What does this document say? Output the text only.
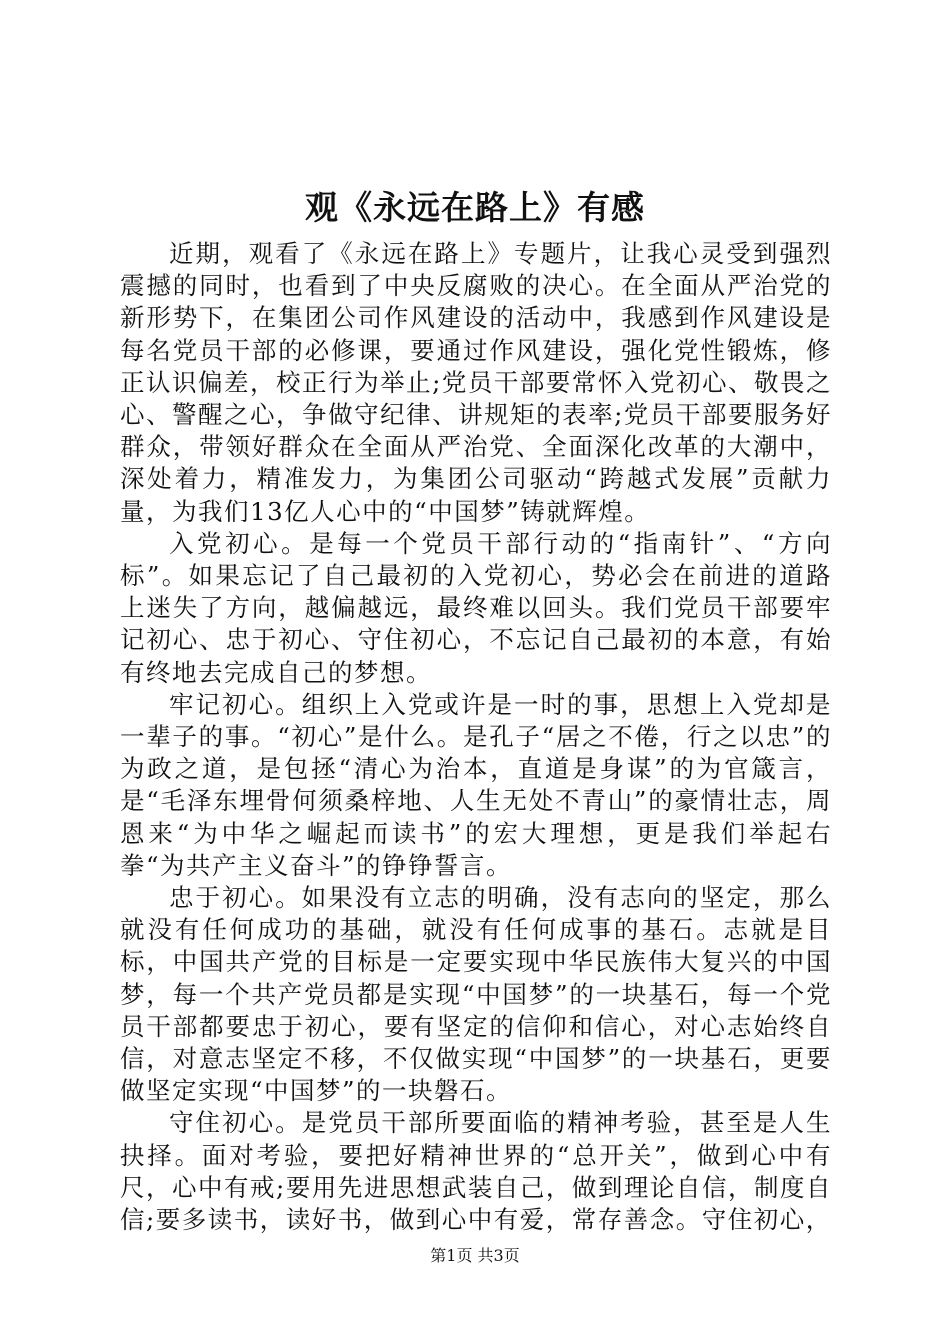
观《永远在路上》有感

近期，观看了《永远在路上》专题片，让我心灵受到强烈震撼的同时，也看到了中央反腐败的决心。在全面从严治党的新形势下，在集团公司作风建设的活动中，我感到作风建设是每名党员干部的必修课，要通过作风建设，强化党性锻炼，修正认识偏差，校正行为举止;党员干部要常怀入党初心、敬畏之心、警醒之心，争做守纪律、讲规矩的表率;党员干部要服务好群众，带领好群众在全面从严治党、全面深化改革的大潮中，深处着力，精准发力，为集团公司驱动“跨越式发展”贡献力量，为我们13亿人心中的“中国梦”铸就辉煌。

入党初心。是每一个党员干部行动的“指南针”、“方向标”。如果忘记了自己最初的入党初心，势必会在前进的道路上迷失了方向，越偏越远，最终难以回头。我们党员干部要牢记初心、忠于初心、守住初心，不忘记自己最初的本意，有始有终地去完成自己的梦想。

牢记初心。组织上入党或许是一时的事，思想上入党却是一辈子的事。“初心”是什么。是孔子“居之不倦，行之以忠”的为政之道，是包拯“清心为治本，直道是身谋”的为官箴言，是“毛泽东埋骨何须桑梓地、人生无处不青山”的豪情壮志，周恩来“为中华之崛起而读书”的宏大理想，更是我们举起右拳“为共产主义奋斗”的铮铮誓言。

忠于初心。如果没有立志的明确，没有志向的坚定，那么就没有任何成功的基础，就没有任何成事的基石。志就是目标，中国共产党的目标是一定要实现中华民族伟大复兴的中国梦，每一个共产党员都是实现“中国梦”的一块基石，每一个党员干部都要忠于初心，要有坚定的信仰和信心，对心志始终自信，对意志坚定不移，不仅做实现“中国梦”的一块基石，更要做坚定实现“中国梦”的一块磐石。

守住初心。是党员干部所要面临的精神考验，甚至是人生抉择。面对考验，要把好精神世界的“总开关”，做到心中有尺，心中有戒;要用先进思想武装自己，做到理论自信，制度自信;要多读书，读好书，做到心中有爱，常存善念。守住初心，

第1页 共3页
